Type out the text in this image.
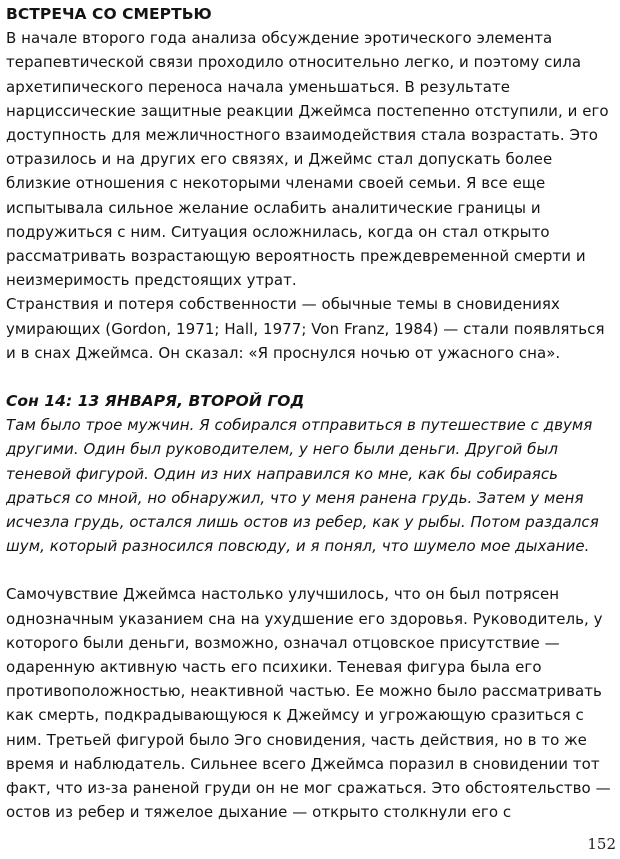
ВСТРЕЧА СО СМЕРТЬЮ

В начале второго года анализа обсуждение эротического элемента терапевтической связи проходило относительно легко, и поэтому сила архетипического переноса начала уменьшаться. В результате нарциссические защитные реакции Джеймса постепенно отступили, и его доступность для межличностного взаимодействия стала возрастать. Это отразилось и на других его связях, и Джеймс стал допускать более близкие отношения с некоторыми членами своей семьи. Я все еще испытывала сильное желание ослабить аналитические границы и подружиться с ним. Ситуация осложнилась, когда он стал открыто рассматривать возрастающую вероятность преждевременной смерти и неизмеримость предстоящих утрат.

Странствия и потеря собственности — обычные темы в сновидениях умирающих (Gordon, 1971; Hall, 1977; Von Franz, 1984) — стали появляться и в снах Джеймса. Он сказал: «Я проснулся ночью от ужасного сна».

Сон 14: 13 ЯНВАРЯ, ВТОРОЙ ГОД

Там было трое мужчин. Я собирался отправиться в путешествие с двумя другими. Один был руководителем, у него были деньги. Другой был теневой фигурой. Один из них направился ко мне, как бы собираясь драться со мной, но обнаружил, что у меня ранена грудь. Затем у меня исчезла грудь, остался лишь остов из ребер, как у рыбы. Потом раздался шум, который разносился повсюду, и я понял, что шумело мое дыхание.

Самочувствие Джеймса настолько улучшилось, что он был потрясен однозначным указанием сна на ухудшение его здоровья. Руководитель, у которого были деньги, возможно, означал отцовское присутствие — одаренную активную часть его психики. Теневая фигура была его противоположностью, неактивной частью. Ее можно было рассматривать как смерть, подкрадывающуюся к Джеймсу и угрожающую сразиться с ним. Третьей фигурой было Эго сновидения, часть действия, но в то же время и наблюдатель. Сильнее всего Джеймса поразил в сновидении тот факт, что из-за раненой груди он не мог сражаться. Это обстоятельство — остов из ребер и тяжелое дыхание — открыто столкнули его с

152
